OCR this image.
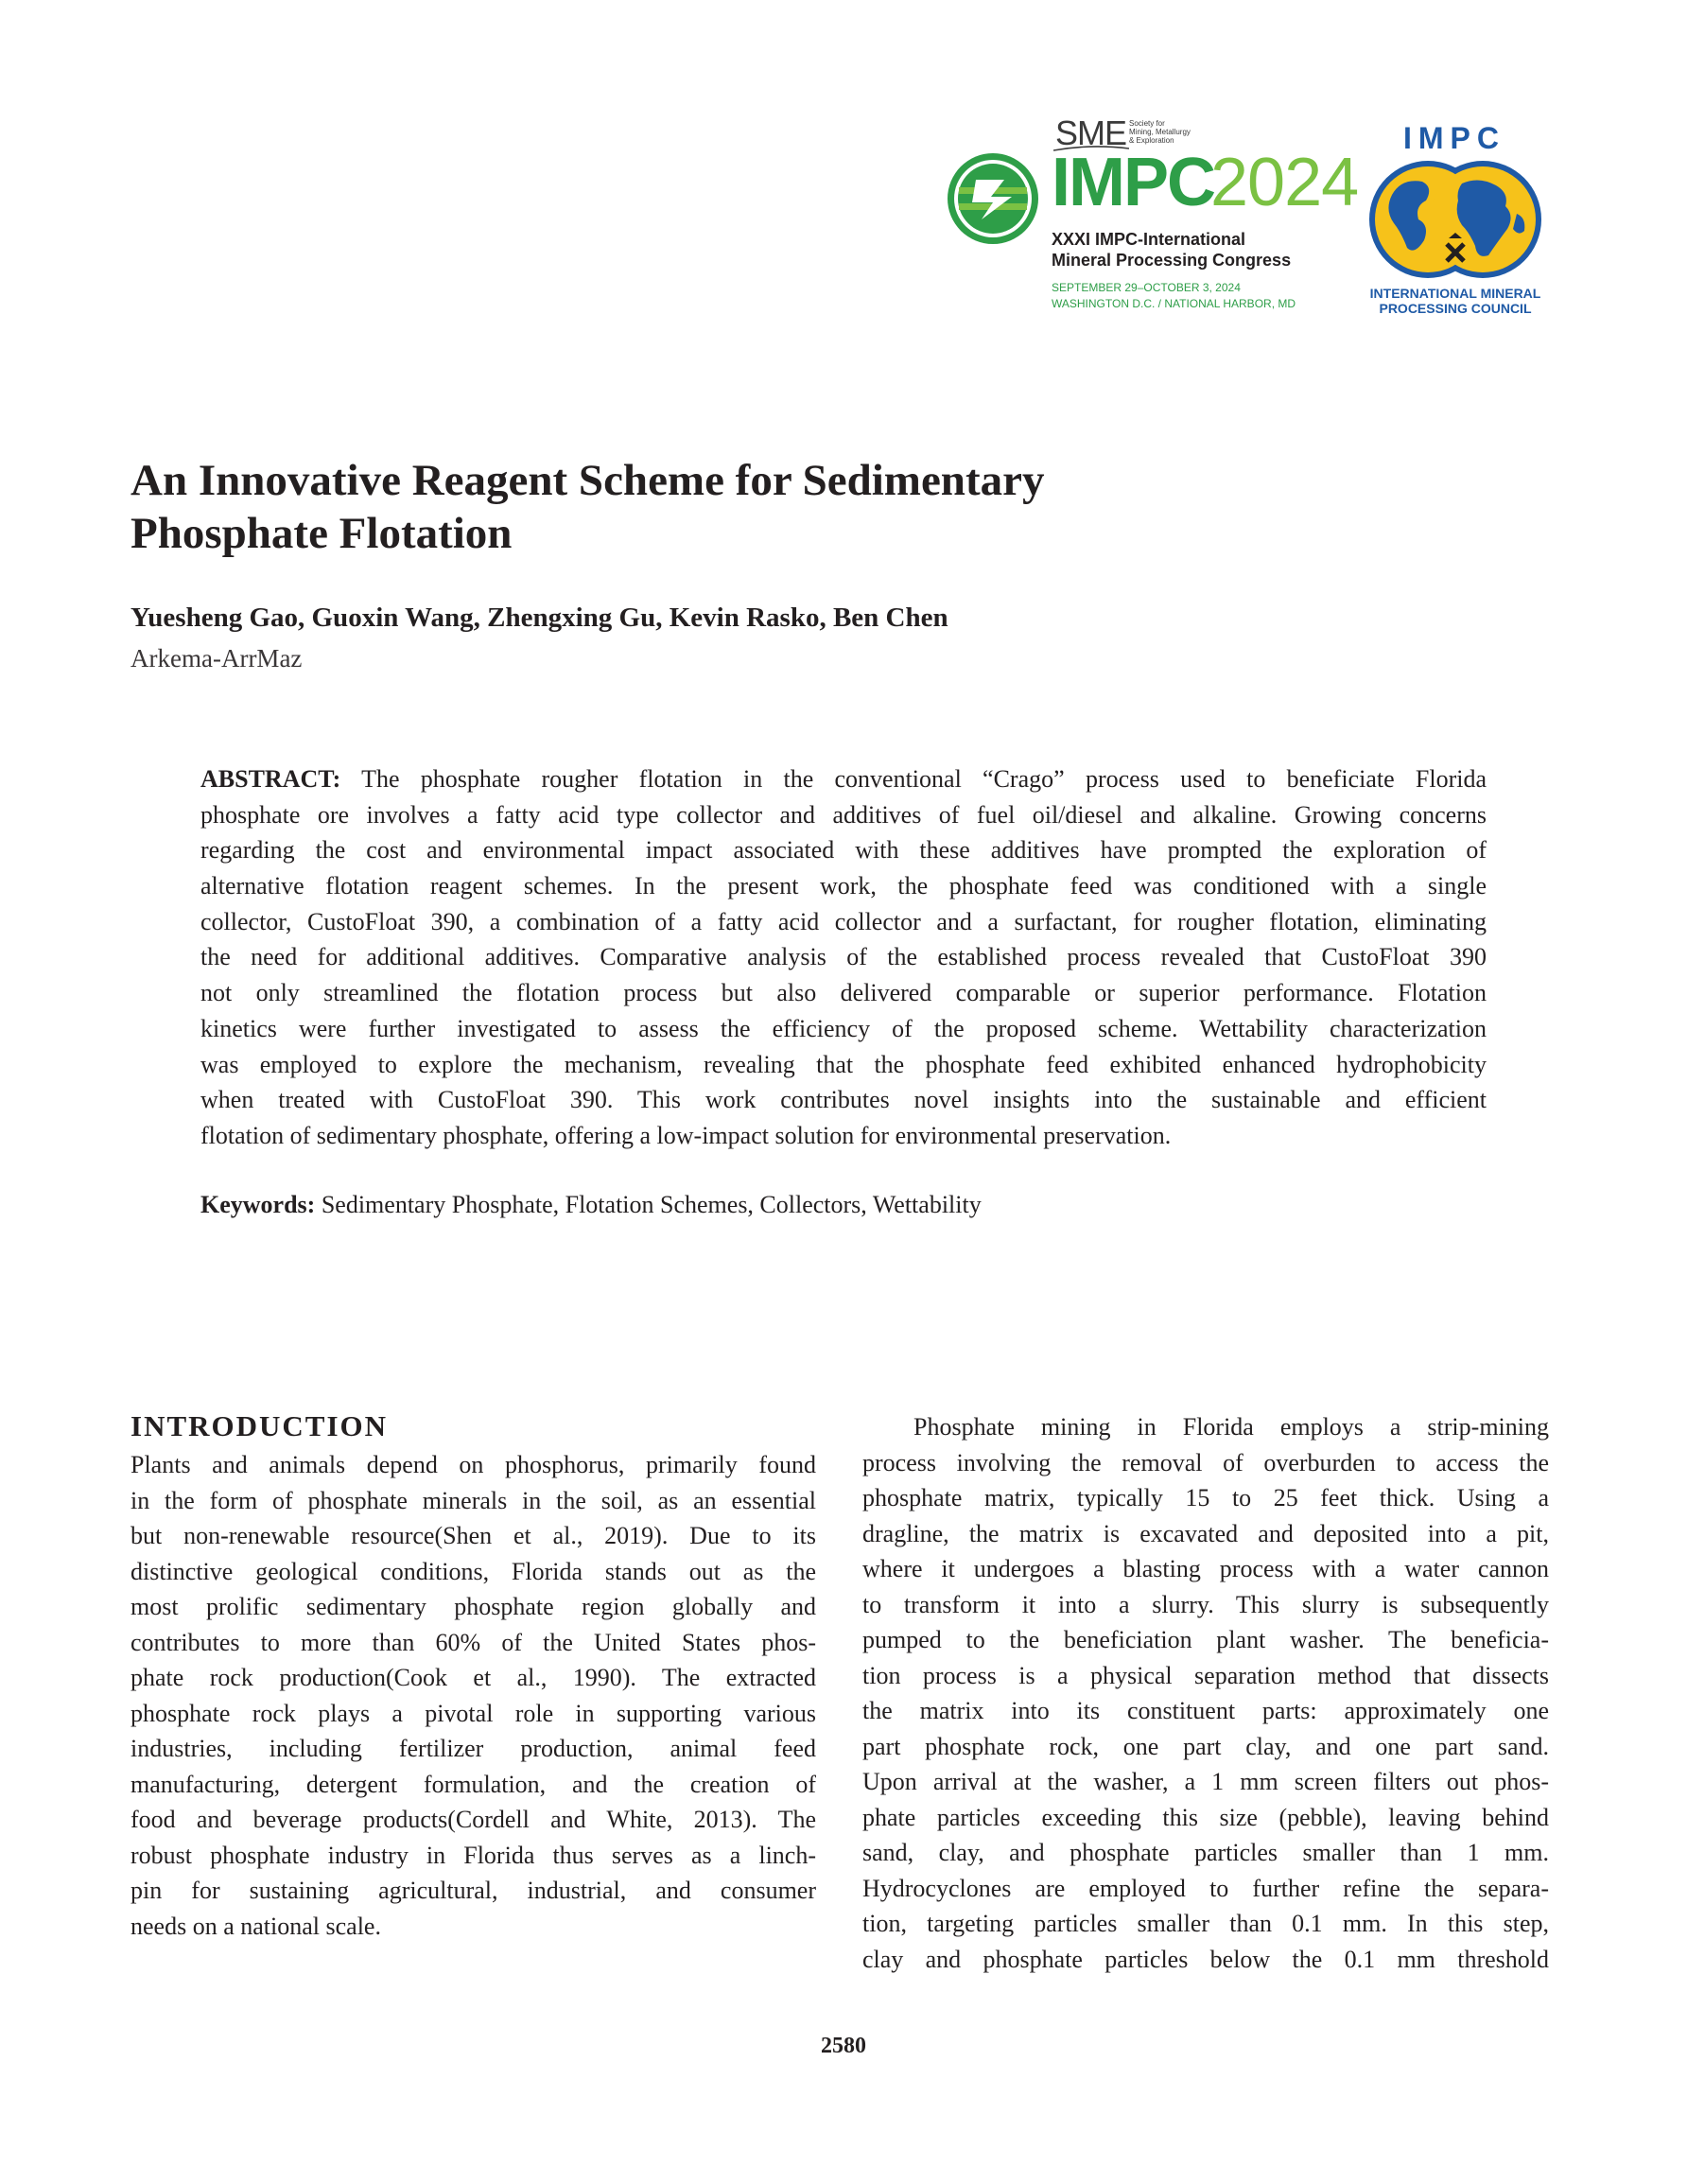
SME Society for
Mining, Metallurgy
& Exploration
IMPC
2024
XXXI IMPC-International
Mineral Processing Congress
SEPTEMBER 29–OCTOBER 3, 2024
WASHINGTON D.C. / NATIONAL HARBOR, MD
IMPC
INTERNATIONAL MINERAL
PROCESSING COUNCIL
An Innovative Reagent Scheme for Sedimentary
Phosphate Flotation
Yuesheng Gao, Guoxin Wang, Zhengxing Gu, Kevin Rasko, Ben Chen
Arkema-ArrMaz
ABSTRACT: The phosphate rougher flotation in the conventional “Crago” process used to beneficiate Florida
phosphate ore involves a fatty acid type collector and additives of fuel oil/diesel and alkaline. Growing concerns
regarding the cost and environmental impact associated with these additives have prompted the exploration of
alternative flotation reagent schemes. In the present work, the phosphate feed was conditioned with a single
collector, CustoFloat 390, a combination of a fatty acid collector and a surfactant, for rougher flotation, eliminating
the need for additional additives. Comparative analysis of the established process revealed that CustoFloat 390
not only streamlined the flotation process but also delivered comparable or superior performance. Flotation
kinetics were further investigated to assess the efficiency of the proposed scheme. Wettability characterization
was employed to explore the mechanism, revealing that the phosphate feed exhibited enhanced hydrophobicity
when treated with CustoFloat 390. This work contributes novel insights into the sustainable and efficient
flotation of sedimentary phosphate, offering a low-impact solution for environmental preservation.
Keywords: Sedimentary Phosphate, Flotation Schemes, Collectors, Wettability
INTRODUCTION
Plants and animals depend on phosphorus, primarily found
in the form of phosphate minerals in the soil, as an essential
but non-renewable resource(Shen et al., 2019). Due to its
distinctive geological conditions, Florida stands out as the
most prolific sedimentary phosphate region globally and
contributes to more than 60% of the United States phos-
phate rock production(Cook et al., 1990). The extracted
phosphate rock plays a pivotal role in supporting various
industries, including fertilizer production, animal feed
manufacturing, detergent formulation, and the creation of
food and beverage products(Cordell and White, 2013). The
robust phosphate industry in Florida thus serves as a linch-
pin for sustaining agricultural, industrial, and consumer
needs on a national scale.
Phosphate mining in Florida employs a strip-mining
process involving the removal of overburden to access the
phosphate matrix, typically 15 to 25 feet thick. Using a
dragline, the matrix is excavated and deposited into a pit,
where it undergoes a blasting process with a water cannon
to transform it into a slurry. This slurry is subsequently
pumped to the beneficiation plant washer. The beneficia-
tion process is a physical separation method that dissects
the matrix into its constituent parts: approximately one
part phosphate rock, one part clay, and one part sand.
Upon arrival at the washer, a 1 mm screen filters out phos-
phate particles exceeding this size (pebble), leaving behind
sand, clay, and phosphate particles smaller than 1 mm.
Hydrocyclones are employed to further refine the separa-
tion, targeting particles smaller than 0.1 mm. In this step,
clay and phosphate particles below the 0.1 mm threshold
2580
